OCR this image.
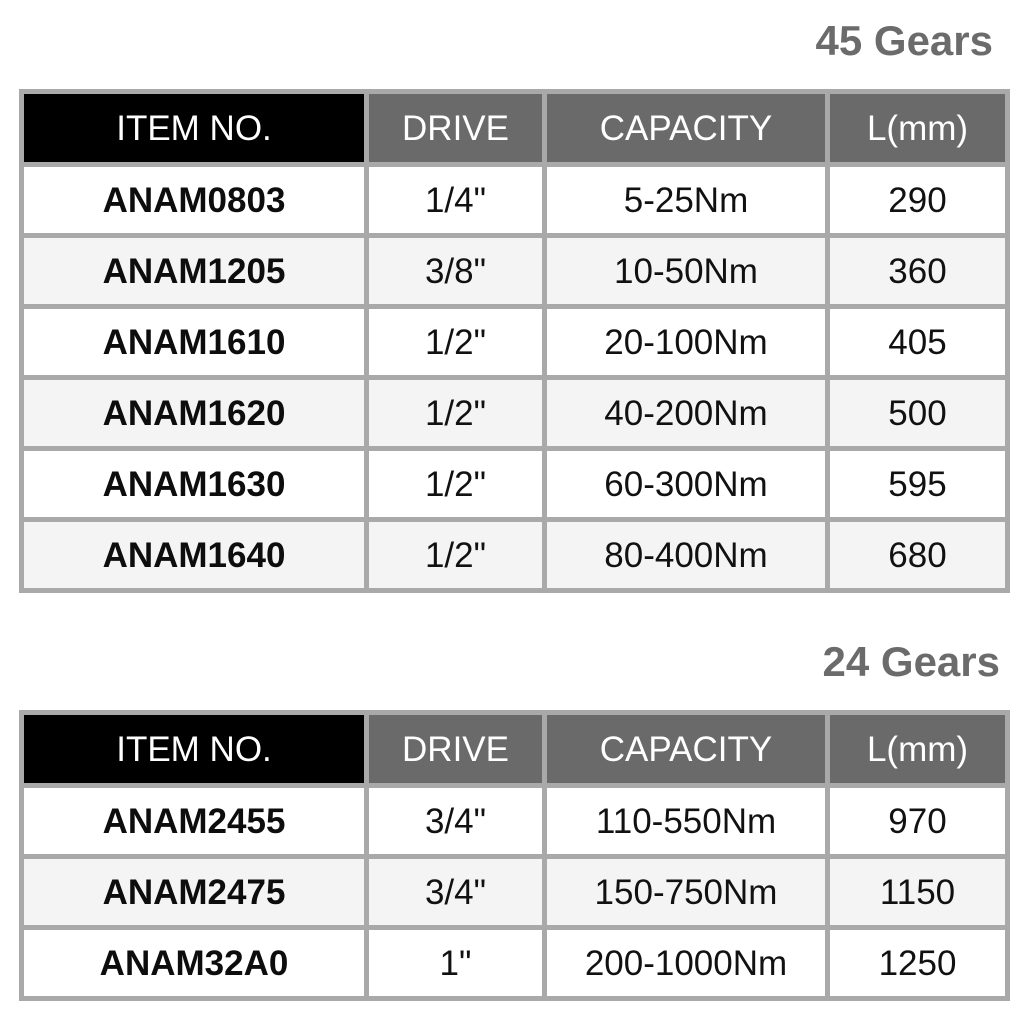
45 Gears
ITEM NO.	DRIVE	CAPACITY	L(mm)
ANAM0803	1/4"	5-25Nm	290
ANAM1205	3/8"	10-50Nm	360
ANAM1610	1/2"	20-100Nm	405
ANAM1620	1/2"	40-200Nm	500
ANAM1630	1/2"	60-300Nm	595
ANAM1640	1/2"	80-400Nm	680
24 Gears
ITEM NO.	DRIVE	CAPACITY	L(mm)
ANAM2455	3/4"	110-550Nm	970
ANAM2475	3/4"	150-750Nm	1150
ANAM32A0	1"	200-1000Nm	1250
